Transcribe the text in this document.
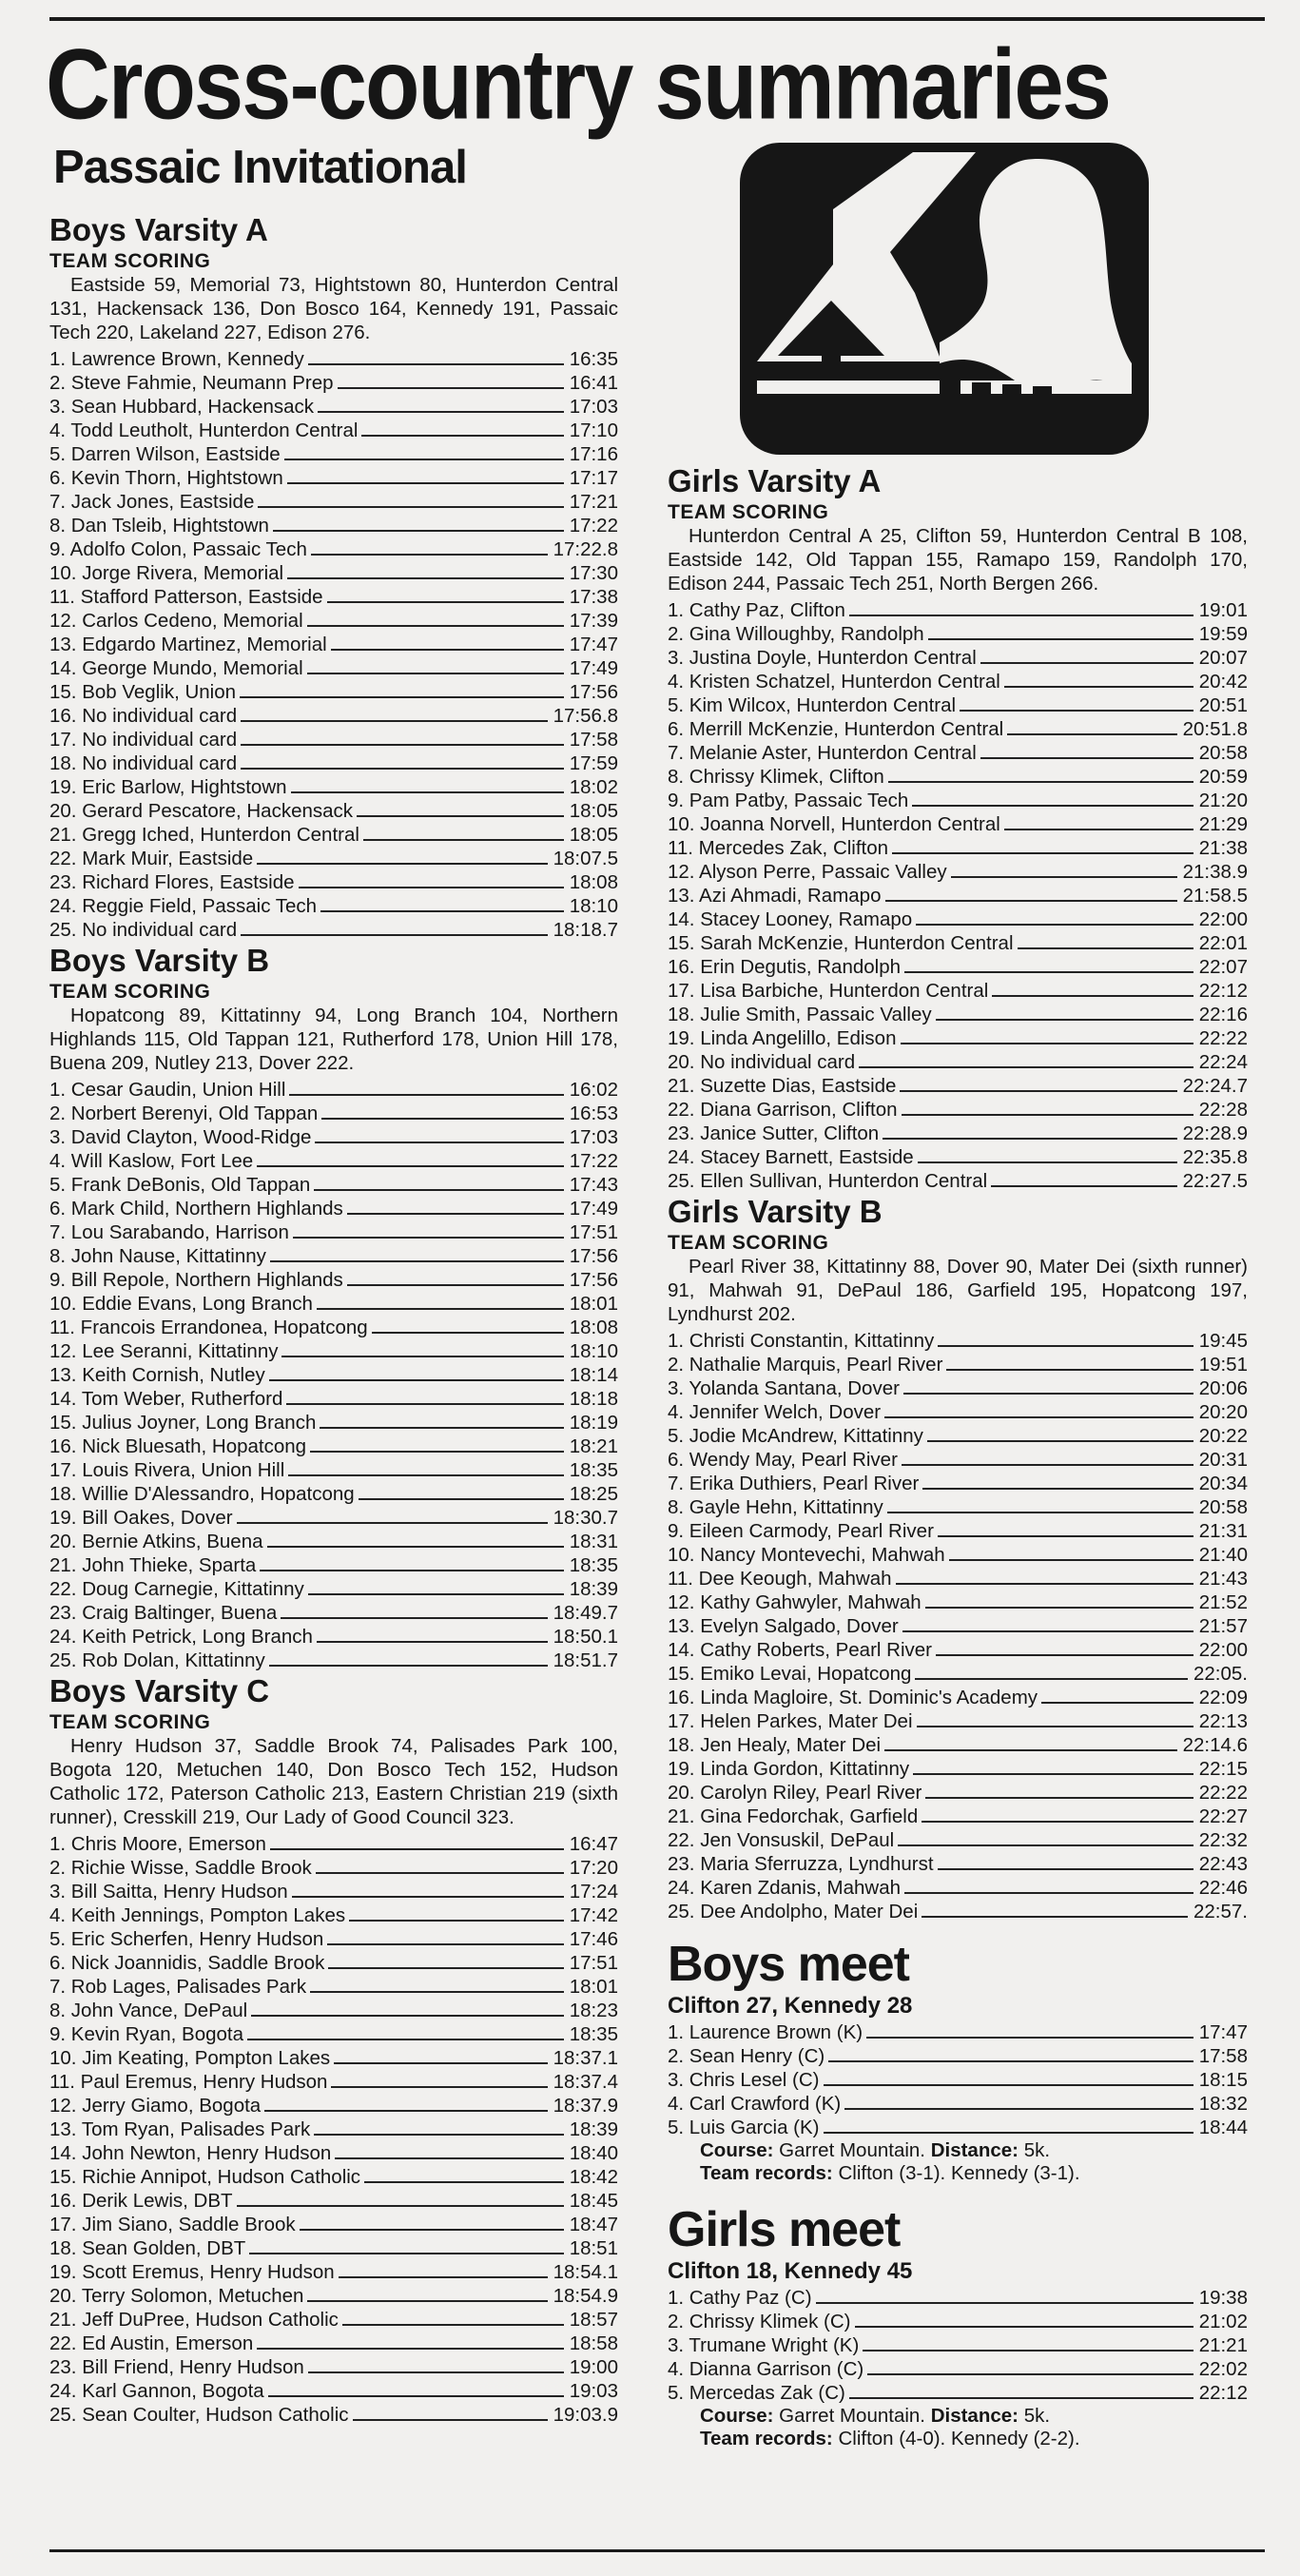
Cross-country summaries
Passaic Invitational
Boys Varsity A
TEAM SCORING

Eastside 59, Memorial 73, Hightstown 80, Hunterdon Central 131, Hackensack 136, Don Bosco 164, Kennedy 191, Passaic Tech 220, Lakeland 227, Edison 276.

1. Lawrence Brown, Kennedy	16:35
2. Steve Fahmie, Neumann Prep	16:41
3. Sean Hubbard, Hackensack	17:03
4. Todd Leutholt, Hunterdon Central	17:10
5. Darren Wilson, Eastside	17:16
6. Kevin Thorn, Hightstown	17:17
7. Jack Jones, Eastside	17:21
8. Dan Tsleib, Hightstown	17:22
9. Adolfo Colon, Passaic Tech	17:22.8
10. Jorge Rivera, Memorial	17:30
11. Stafford Patterson, Eastside	17:38
12. Carlos Cedeno, Memorial	17:39
13. Edgardo Martinez, Memorial	17:47
14. George Mundo, Memorial	17:49
15. Bob Veglik, Union	17:56
16. No individual card	17:56.8
17. No individual card	17:58
18. No individual card	17:59
19. Eric Barlow, Hightstown	18:02
20. Gerard Pescatore, Hackensack	18:05
21. Gregg Iched, Hunterdon Central	18:05
22. Mark Muir, Eastside	18:07.5
23. Richard Flores, Eastside	18:08
24. Reggie Field, Passaic Tech	18:10
25. No individual card	18:18.7
Boys Varsity B
TEAM SCORING

Hopatcong 89, Kittatinny 94, Long Branch 104, Northern Highlands 115, Old Tappan 121, Rutherford 178, Union Hill 178, Buena 209, Nutley 213, Dover 222.

1. Cesar Gaudin, Union Hill	16:02
2. Norbert Berenyi, Old Tappan	16:53
3. David Clayton, Wood-Ridge	17:03
4. Will Kaslow, Fort Lee	17:22
5. Frank DeBonis, Old Tappan	17:43
6. Mark Child, Northern Highlands	17:49
7. Lou Sarabando, Harrison	17:51
8. John Nause, Kittatinny	17:56
9. Bill Repole, Northern Highlands	17:56
10. Eddie Evans, Long Branch	18:01
11. Francois Errandonea, Hopatcong	18:08
12. Lee Seranni, Kittatinny	18:10
13. Keith Cornish, Nutley	18:14
14. Tom Weber, Rutherford	18:18
15. Julius Joyner, Long Branch	18:19
16. Nick Bluesath, Hopatcong	18:21
17. Louis Rivera, Union Hill	18:35
18. Willie D'Alessandro, Hopatcong	18:25
19. Bill Oakes, Dover	18:30.7
20. Bernie Atkins, Buena	18:31
21. John Thieke, Sparta	18:35
22. Doug Carnegie, Kittatinny	18:39
23. Craig Baltinger, Buena	18:49.7
24. Keith Petrick, Long Branch	18:50.1
25. Rob Dolan, Kittatinny	18:51.7
Boys Varsity C
TEAM SCORING

Henry Hudson 37, Saddle Brook 74, Palisades Park 100, Bogota 120, Metuchen 140, Don Bosco Tech 152, Hudson Catholic 172, Paterson Catholic 213, Eastern Christian 219 (sixth runner), Cresskill 219, Our Lady of Good Council 323.

1. Chris Moore, Emerson	16:47
2. Richie Wisse, Saddle Brook	17:20
3. Bill Saitta, Henry Hudson	17:24
4. Keith Jennings, Pompton Lakes	17:42
5. Eric Scherfen, Henry Hudson	17:46
6. Nick Joannidis, Saddle Brook	17:51
7. Rob Lages, Palisades Park	18:01
8. John Vance, DePaul	18:23
9. Kevin Ryan, Bogota	18:35
10. Jim Keating, Pompton Lakes	18:37.1
11. Paul Eremus, Henry Hudson	18:37.4
12. Jerry Giamo, Bogota	18:37.9
13. Tom Ryan, Palisades Park	18:39
14. John Newton, Henry Hudson	18:40
15. Richie Annipot, Hudson Catholic	18:42
16. Derik Lewis, DBT	18:45
17. Jim Siano, Saddle Brook	18:47
18. Sean Golden, DBT	18:51
19. Scott Eremus, Henry Hudson	18:54.1
20. Terry Solomon, Metuchen	18:54.9
21. Jeff DuPree, Hudson Catholic	18:57
22. Ed Austin, Emerson	18:58
23. Bill Friend, Henry Hudson	19:00
24. Karl Gannon, Bogota	19:03
25. Sean Coulter, Hudson Catholic	19:03.9
Girls Varsity A
TEAM SCORING

Hunterdon Central A 25, Clifton 59, Hunterdon Central B 108, Eastside 142, Old Tappan 155, Ramapo 159, Randolph 170, Edison 244, Passaic Tech 251, North Bergen 266.

1. Cathy Paz, Clifton	19:01
2. Gina Willoughby, Randolph	19:59
3. Justina Doyle, Hunterdon Central	20:07
4. Kristen Schatzel, Hunterdon Central	20:42
5. Kim Wilcox, Hunterdon Central	20:51
6. Merrill McKenzie, Hunterdon Central	20:51.8
7. Melanie Aster, Hunterdon Central	20:58
8. Chrissy Klimek, Clifton	20:59
9. Pam Patby, Passaic Tech	21:20
10. Joanna Norvell, Hunterdon Central	21:29
11. Mercedes Zak, Clifton	21:38
12. Alyson Perre, Passaic Valley	21:38.9
13. Azi Ahmadi, Ramapo	21:58.5
14. Stacey Looney, Ramapo	22:00
15. Sarah McKenzie, Hunterdon Central	22:01
16. Erin Degutis, Randolph	22:07
17. Lisa Barbiche, Hunterdon Central	22:12
18. Julie Smith, Passaic Valley	22:16
19. Linda Angelillo, Edison	22:22
20. No individual card	22:24
21. Suzette Dias, Eastside	22:24.7
22. Diana Garrison, Clifton	22:28
23. Janice Sutter, Clifton	22:28.9
24. Stacey Barnett, Eastside	22:35.8
25. Ellen Sullivan, Hunterdon Central	22:27.5
Girls Varsity B
TEAM SCORING

Pearl River 38, Kittatinny 88, Dover 90, Mater Dei (sixth runner) 91, Mahwah 91, DePaul 186, Garfield 195, Hopatcong 197, Lyndhurst 202.

1. Christi Constantin, Kittatinny	19:45
2. Nathalie Marquis, Pearl River	19:51
3. Yolanda Santana, Dover	20:06
4. Jennifer Welch, Dover	20:20
5. Jodie McAndrew, Kittatinny	20:22
6. Wendy May, Pearl River	20:31
7. Erika Duthiers, Pearl River	20:34
8. Gayle Hehn, Kittatinny	20:58
9. Eileen Carmody, Pearl River	21:31
10. Nancy Montevechi, Mahwah	21:40
11. Dee Keough, Mahwah	21:43
12. Kathy Gahwyler, Mahwah	21:52
13. Evelyn Salgado, Dover	21:57
14. Cathy Roberts, Pearl River	22:00
15. Emiko Levai, Hopatcong	22:05.
16. Linda Magloire, St. Dominic's Academy	22:09
17. Helen Parkes, Mater Dei	22:13
18. Jen Healy, Mater Dei	22:14.6
19. Linda Gordon, Kittatinny	22:15
20. Carolyn Riley, Pearl River	22:22
21. Gina Fedorchak, Garfield	22:27
22. Jen Vonsuskil, DePaul	22:32
23. Maria Sferruzza, Lyndhurst	22:43
24. Karen Zdanis, Mahwah	22:46
25. Dee Andolpho, Mater Dei	22:57.
Boys meet
Clifton 27, Kennedy 28
1. Laurence Brown (K)	17:47
2. Sean Henry (C)	17:58
3. Chris Lesel (C)	18:15
4. Carl Crawford (K)	18:32
5. Luis Garcia (K)	18:44
Course: Garret Mountain. Distance: 5k.
Team records: Clifton (3-1). Kennedy (3-1).
Girls meet
Clifton 18, Kennedy 45
1. Cathy Paz (C)	19:38
2. Chrissy Klimek (C)	21:02
3. Trumane Wright (K)	21:21
4. Dianna Garrison (C)	22:02
5. Mercedas Zak (C)	22:12
Course: Garret Mountain. Distance: 5k.
Team records: Clifton (4-0). Kennedy (2-2).
